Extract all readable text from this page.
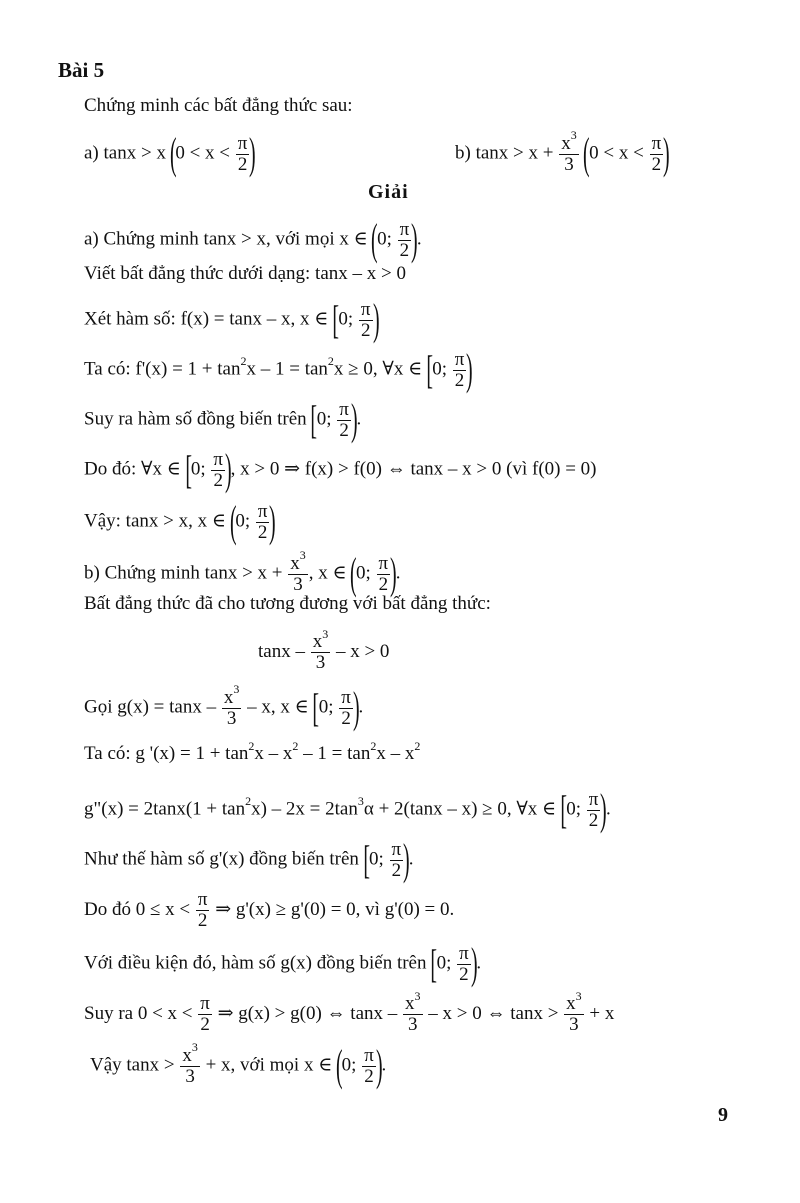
Bài 5
Chứng minh các bất đẳng thức sau:
a) tanx > x ($0 < x < \frac{\pi}{2}$ )	b) $\tan x > x + \frac{x^3}{3} (0 < x < \frac{\pi}{2}$ )
Giải
a) Chứng minh tanx > x, với mọi x ∈ (0; $\frac{\pi}{2}$ ).
Viết bất đẳng thức dưới dạng: tanx – x > 0
Xét hàm số: f(x) = tanx – x, x ∈ [0; $\frac{\pi}{2}$ )
Ta có: $f'(x) = 1 + \tan^2x - 1 = \tan^2x \ge 0$, ∀x ∈ [0; $\frac{\pi}{2}$ )
Suy ra hàm số đồng biến trên [0; $\frac{\pi}{2}$ ).
Do đó: ∀x ∈ [0; $\frac{\pi}{2}$ ), x > 0 ⇒ f(x) > f(0) ⇔ tanx – x > 0 (vì f(0) = 0)
Vậy: tanx > x, x ∈ (0; $\frac{\pi}{2}$ )
b) Chứng minh $\tan x > x + \frac{x^3}{3}$ , x ∈ (0; $\frac{\pi}{2}$ ).
Bất đẳng thức đã cho tương đương với bất đẳng thức:
$\tan x - \frac{x^3}{3} - x > 0$
Gọi $g(x) = \tan x - \frac{x^3}{3} - x$, x ∈ [0; $\frac{\pi}{2}$ ).
Ta có: g '$(x) = 1 + \tan^2x - x^2 - 1 = \tan^2x - x^2$
g"(x) = $2\tan x(1 + \tan^2x) - 2x = 2\tan^3\alpha + 2(\tan x - x) \ge 0$, ∀x ∈ [0; $\frac{\pi}{2}$ ).
Như thế hàm số g'(x) đồng biến trên [0; $\frac{\pi}{2}$ ).
Do đó $0 \le x < \frac{\pi}{2}$ ⇒ g'(x) ≥ g'(0) = 0, vì g'(0) = 0.
Với điều kiện đó, hàm số g(x) đồng biến trên [0; $\frac{\pi}{2}$ ).
Suy ra $0 < x < \frac{\pi}{2}$ ⇒ g(x) > g(0) ⇔ $\tan x - \frac{x^3}{3} - x > 0$ ⇔ $\tan x > \frac{x^3}{3} + x$
Vậy $\tan x > \frac{x^3}{3} + x$, với mọi x ∈ (0; $\frac{\pi}{2}$ ).
9
